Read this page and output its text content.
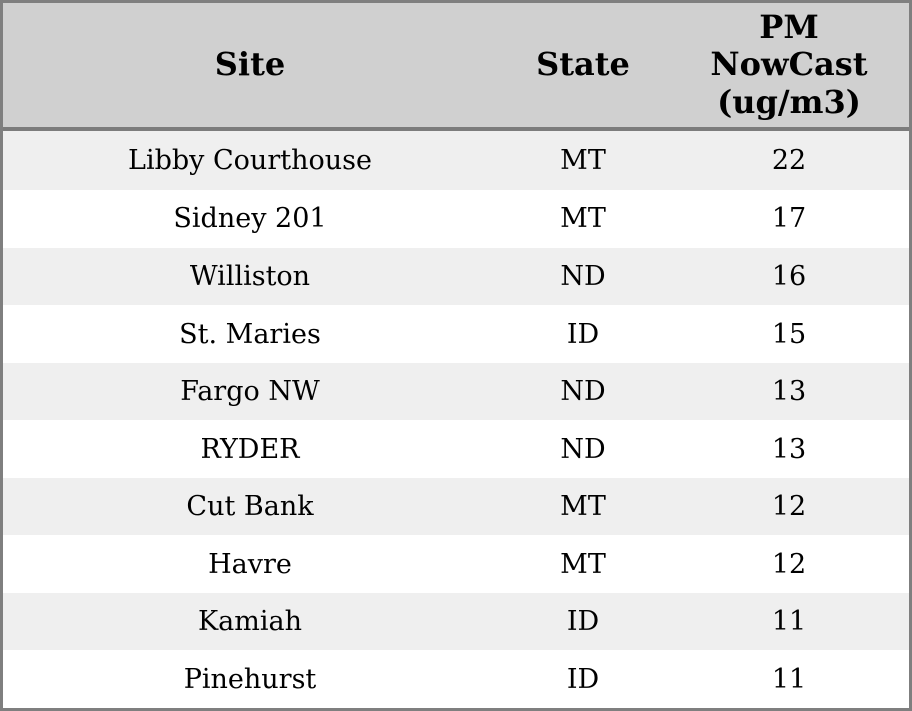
Site	State	PM NowCast (ug/m3)
Libby Courthouse	MT	22
Sidney 201	MT	17
Williston	ND	16
St. Maries	ID	15
Fargo NW	ND	13
RYDER	ND	13
Cut Bank	MT	12
Havre	MT	12
Kamiah	ID	11
Pinehurst	ID	11
